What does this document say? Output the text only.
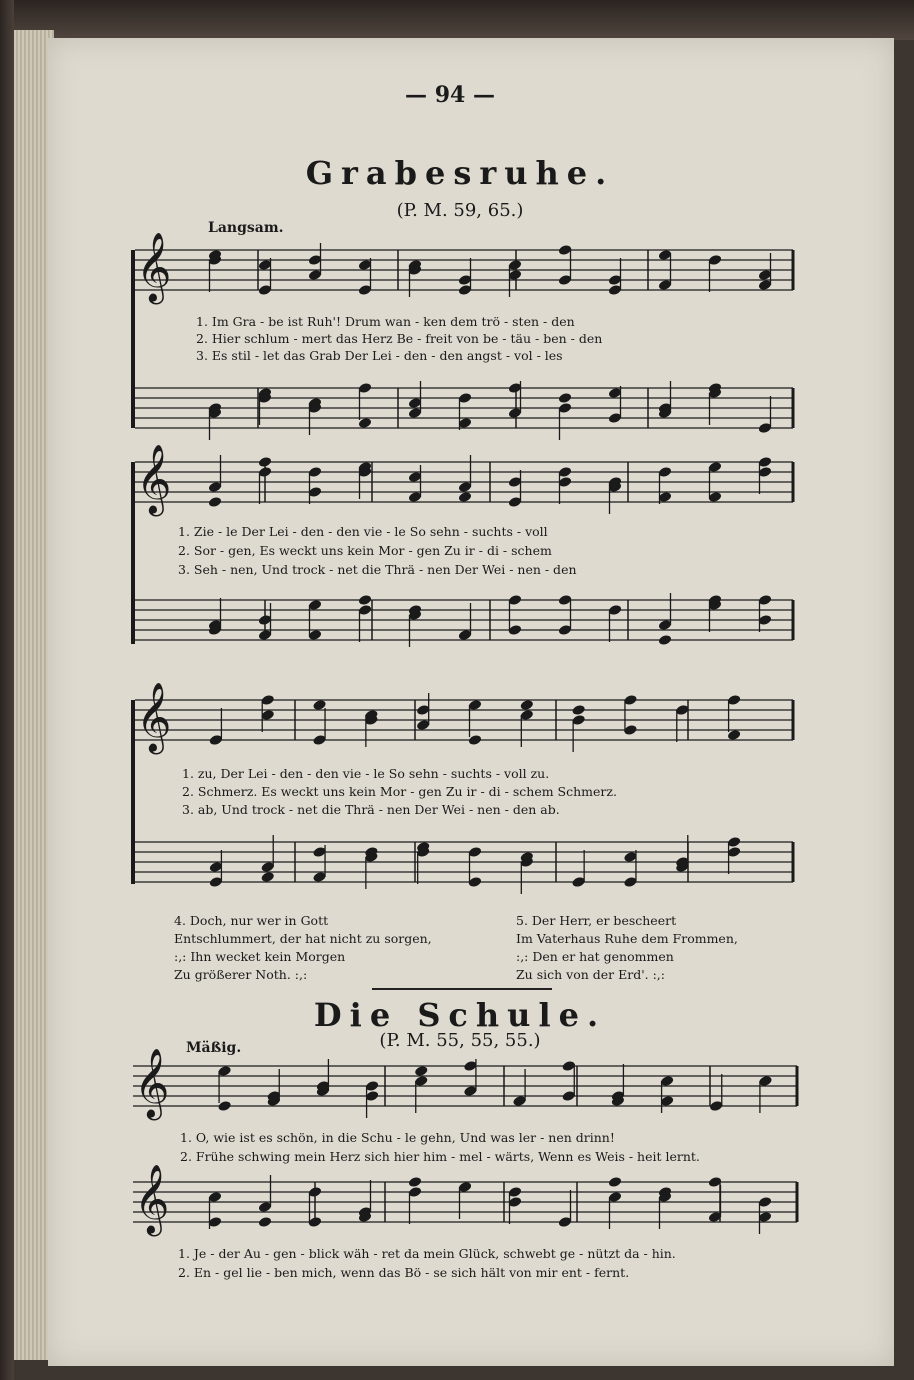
𝄞
𝄞
𝄞
𝄞
𝄞
— 94 —
Grabesruhe.
(P. M. 59, 65.)
Langsam.
1. Im Gra - be ist Ruh'! Drum wan - ken dem trö - sten - den
2. Hier schlum - mert das Herz Be - freit von be - täu - ben - den
3. Es stil - let das Grab Der Lei - den - den angst - vol - les
1. Zie - le Der Lei - den - den vie - le So sehn - suchts - voll
2. Sor - gen, Es weckt uns kein Mor - gen Zu ir - di - schem
3. Seh - nen, Und trock - net die Thrä - nen Der Wei - nen - den
1. zu, Der Lei - den - den vie - le So sehn - suchts - voll zu.
2. Schmerz. Es weckt uns kein Mor - gen Zu ir - di - schem Schmerz.
3. ab, Und trock - net die Thrä - nen Der Wei - nen - den ab.
4. Doch, nur wer in Gott
Entschlummert, der hat nicht zu sorgen,
:,: Ihn wecket kein Morgen
Zu größerer Noth. :,:
5. Der Herr, er bescheert
Im Vaterhaus Ruhe dem Frommen,
:,: Den er hat genommen
Zu sich von der Erd'. :,:
Die Schule.
(P. M. 55, 55, 55.)
Mäßig.
1. O, wie ist es schön, in die Schu - le gehn, Und was ler - nen drinn!
2. Frühe schwing mein Herz sich hier him - mel - wärts, Wenn es Weis - heit lernt.
1. Je - der Au - gen - blick wäh - ret da mein Glück, schwebt ge - nützt da - hin.
2. En - gel lie - ben mich, wenn das Bö - se sich hält von mir ent - fernt.
